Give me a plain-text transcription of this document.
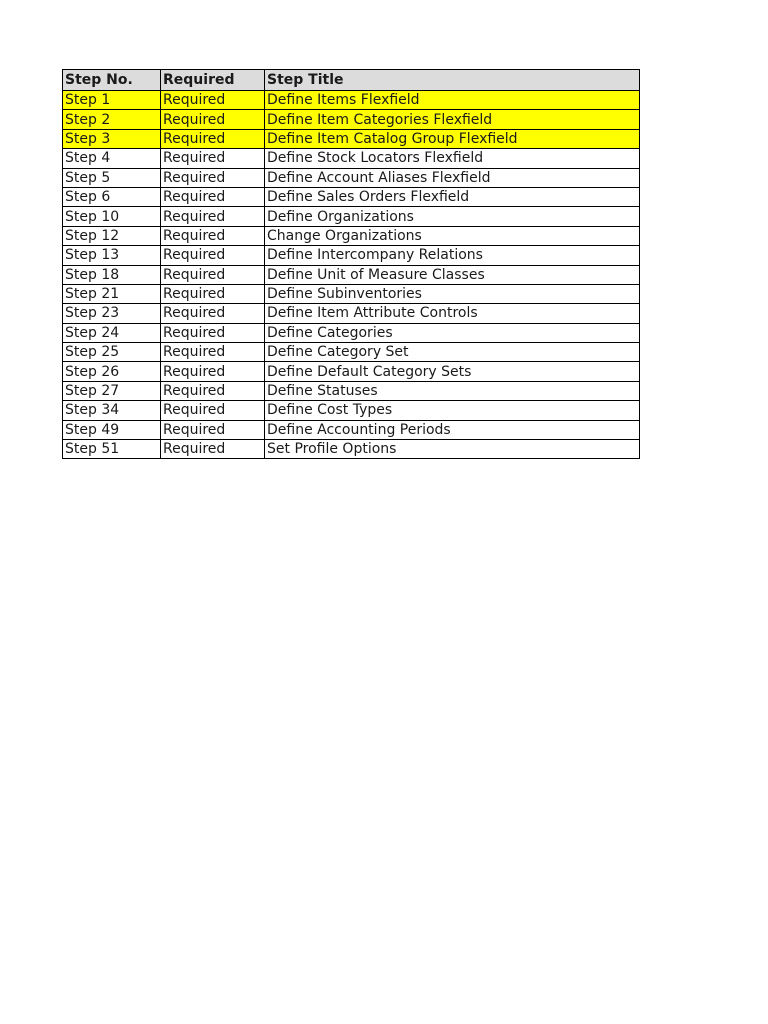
Step No.	Required	Step Title
Step 1	Required	Define Items Flexfield
Step 2	Required	Define Item Categories Flexfield
Step 3	Required	Define Item Catalog Group Flexfield
Step 4	Required	Define Stock Locators Flexfield
Step 5	Required	Define Account Aliases Flexfield
Step 6	Required	Define Sales Orders Flexfield
Step 10	Required	Define Organizations
Step 12	Required	Change Organizations
Step 13	Required	Define Intercompany Relations
Step 18	Required	Define Unit of Measure Classes
Step 21	Required	Define Subinventories
Step 23	Required	Define Item Attribute Controls
Step 24	Required	Define Categories
Step 25	Required	Define Category Set
Step 26	Required	Define Default Category Sets
Step 27	Required	Define Statuses
Step 34	Required	Define Cost Types
Step 49	Required	Define Accounting Periods
Step 51	Required	Set Profile Options
